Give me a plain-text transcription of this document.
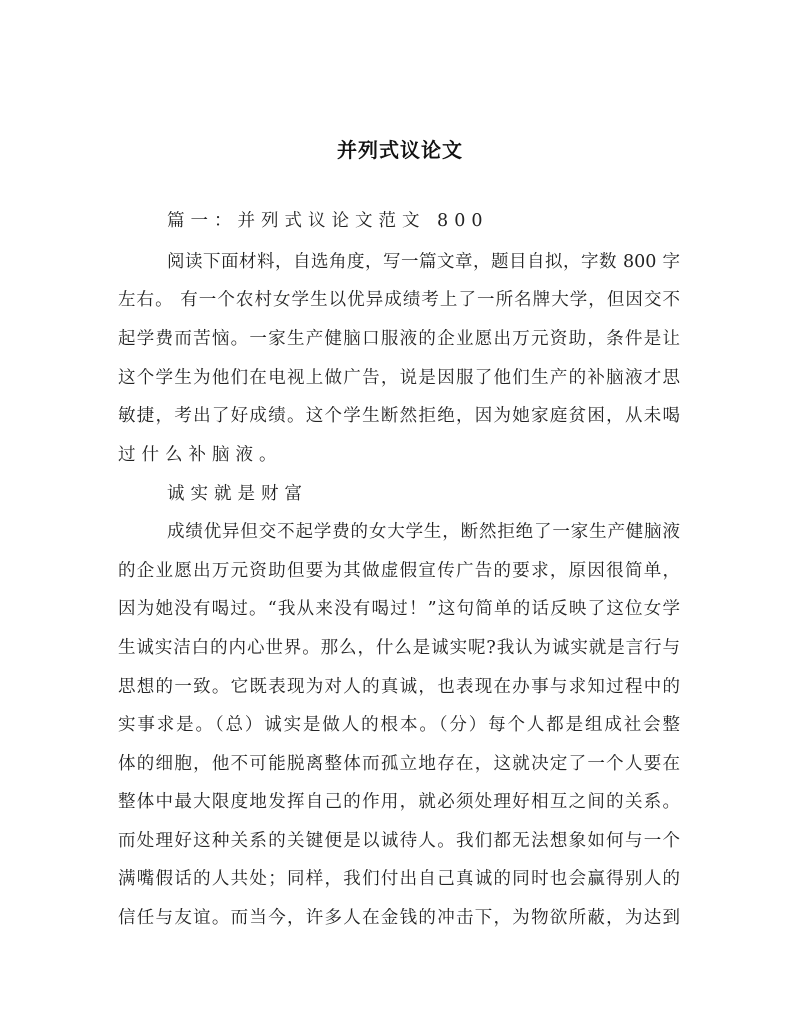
并列式议论文
篇一：并列式议论文范文 800
阅读下面材料，自选角度，写一篇文章，题目自拟，字数 800 字
左右。 有一个农村女学生以优异成绩考上了一所名牌大学，但因交不
起学费而苦恼。一家生产健脑口服液的企业愿出万元资助，条件是让
这个学生为他们在电视上做广告，说是因服了他们生产的补脑液才思
敏捷，考出了好成绩。这个学生断然拒绝，因为她家庭贫困，从未喝
过什么补脑液。
诚实就是财富
成绩优异但交不起学费的女大学生，断然拒绝了一家生产健脑液
的企业愿出万元资助但要为其做虚假宣传广告的要求，原因很简单，
因为她没有喝过。“我从来没有喝过！”这句简单的话反映了这位女学
生诚实洁白的内心世界。那么，什么是诚实呢?我认为诚实就是言行与
思想的一致。它既表现为对人的真诚，也表现在办事与求知过程中的
实事求是。（总）诚实是做人的根本。（分）每个人都是组成社会整
体的细胞，他不可能脱离整体而孤立地存在，这就决定了一个人要在
整体中最大限度地发挥自己的作用，就必须处理好相互之间的关系。
而处理好这种关系的关键便是以诚待人。我们都无法想象如何与一个
满嘴假话的人共处；同样，我们付出自己真诚的同时也会赢得别人的
信任与友谊。而当今，许多人在金钱的冲击下，为物欲所蔽，为达到
